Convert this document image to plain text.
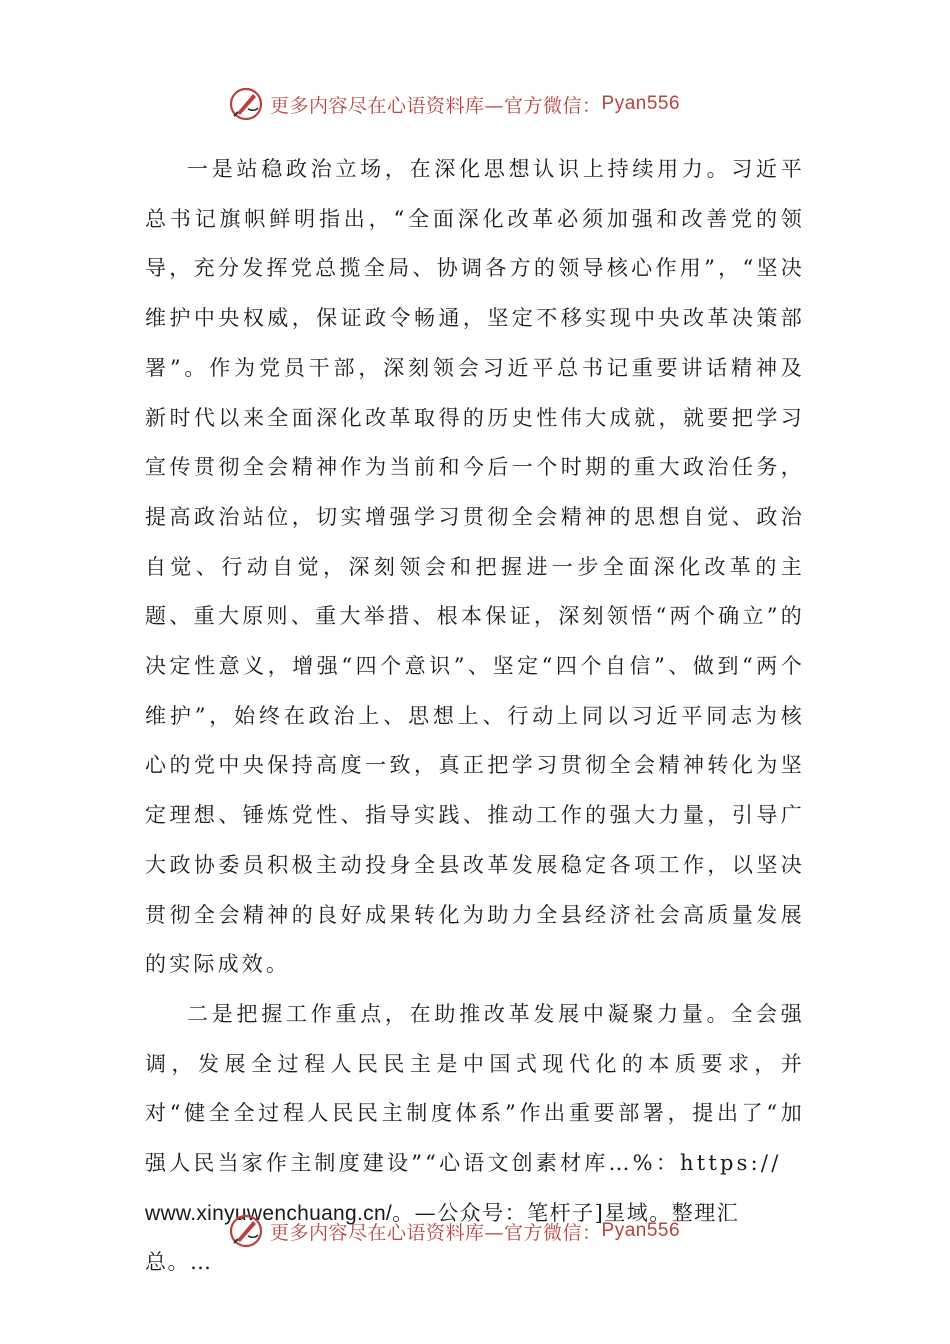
更多内容尽在心语资料库—官方微信： Pyan556

一是站稳政治立场，在深化思想认识上持续用力。习近平总书记旗帜鲜明指出，“全面深化改革必须加强和改善党的领导，充分发挥党总揽全局、协调各方的领导核心作用”，“坚决维护中央权威，保证政令畅通，坚定不移实现中央改革决策部署”。作为党员干部，深刻领会习近平总书记重要讲话精神及新时代以来全面深化改革取得的历史性伟大成就，就要把学习宣传贯彻全会精神作为当前和今后一个时期的重大政治任务，提高政治站位，切实增强学习贯彻全会精神的思想自觉、政治自觉、行动自觉，深刻领会和把握进一步全面深化改革的主题、重大原则、重大举措、根本保证，深刻领悟“两个确立”的决定性意义，增强“四个意识”、坚定“四个自信”、做到“两个维护”，始终在政治上、思想上、行动上同以习近平同志为核心的党中央保持高度一致，真正把学习贯彻全会精神转化为坚定理想、锤炼党性、指导实践、推动工作的强大力量，引导广大政协委员积极主动投身全县改革发展稳定各项工作，以坚决贯彻全会精神的良好成果转化为助力全县经济社会高质量发展的实际成效。

二是把握工作重点，在助推改革发展中凝聚力量。全会强调，发展全过程人民民主是中国式现代化的本质要求，并对“健全全过程人民民主制度体系”作出重要部署，提出了“加强人民当家作主制度建设”“心语文创素材库…%：https://

www.xinyuwenchuang.cn/。—公众号：笔杆子]星域。整理汇总。…

更多内容尽在心语资料库—官方微信： Pyan556
